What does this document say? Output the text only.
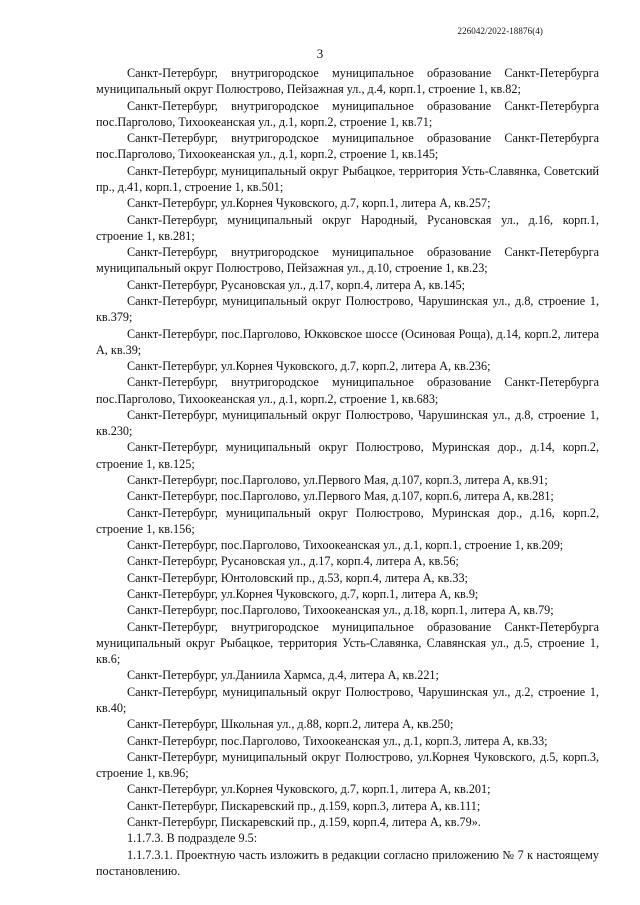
226042/2022-18876(4)
3

Санкт-Петербург, внутригородское муниципальное образование Санкт-Петербурга муниципальный округ Полюстрово, Пейзажная ул., д.4, корп.1, строение 1, кв.82;

Санкт-Петербург, внутригородское муниципальное образование Санкт-Петербурга пос.Парголово, Тихоокеанская ул., д.1, корп.2, строение 1, кв.71;

Санкт-Петербург, внутригородское муниципальное образование Санкт-Петербурга пос.Парголово, Тихоокеанская ул., д.1, корп.2, строение 1, кв.145;

Санкт-Петербург, муниципальный округ Рыбацкое, территория Усть-Славянка, Советский пр., д.41, корп.1, строение 1, кв.501;

Санкт-Петербург, ул.Корнея Чуковского, д.7, корп.1, литера А, кв.257;

Санкт-Петербург, муниципальный округ Народный, Русановская ул., д.16, корп.1, строение 1, кв.281;

Санкт-Петербург, внутригородское муниципальное образование Санкт-Петербурга муниципальный округ Полюстрово, Пейзажная ул., д.10, строение 1, кв.23;

Санкт-Петербург, Русановская ул., д.17, корп.4, литера А, кв.145;

Санкт-Петербург, муниципальный округ Полюстрово, Чарушинская ул., д.8, строение 1, кв.379;

Санкт-Петербург, пос.Парголово, Юкковское шоссе (Осиновая Роща), д.14, корп.2, литера А, кв.39;

Санкт-Петербург, ул.Корнея Чуковского, д.7, корп.2, литера А, кв.236;

Санкт-Петербург, внутригородское муниципальное образование Санкт-Петербурга пос.Парголово, Тихоокеанская ул., д.1, корп.2, строение 1, кв.683;

Санкт-Петербург, муниципальный округ Полюстрово, Чарушинская ул., д.8, строение 1, кв.230;

Санкт-Петербург, муниципальный округ Полюстрово, Муринская дор., д.14, корп.2, строение 1, кв.125;

Санкт-Петербург, пос.Парголово, ул.Первого Мая, д.107, корп.3, литера А, кв.91;

Санкт-Петербург, пос.Парголово, ул.Первого Мая, д.107, корп.6, литера А, кв.281;

Санкт-Петербург, муниципальный округ Полюстрово, Муринская дор., д.16, корп.2, строение 1, кв.156;

Санкт-Петербург, пос.Парголово, Тихоокеанская ул., д.1, корп.1, строение 1, кв.209;

Санкт-Петербург, Русановская ул., д.17, корп.4, литера А, кв.56;

Санкт-Петербург, Юнтоловский пр., д.53, корп.4, литера А, кв.33;

Санкт-Петербург, ул.Корнея Чуковского, д.7, корп.1, литера А, кв.9;

Санкт-Петербург, пос.Парголово, Тихоокеанская ул., д.18, корп.1, литера А, кв.79;

Санкт-Петербург, внутригородское муниципальное образование Санкт-Петербурга муниципальный округ Рыбацкое, территория Усть-Славянка, Славянская ул., д.5, строение 1, кв.6;

Санкт-Петербург, ул.Даниила Хармса, д.4, литера А, кв.221;

Санкт-Петербург, муниципальный округ Полюстрово, Чарушинская ул., д.2, строение 1, кв.40;

Санкт-Петербург, Школьная ул., д.88, корп.2, литера А, кв.250;

Санкт-Петербург, пос.Парголово, Тихоокеанская ул., д.1, корп.3, литера А, кв.33;

Санкт-Петербург, муниципальный округ Полюстрово, ул.Корнея Чуковского, д.5, корп.3, строение 1, кв.96;

Санкт-Петербург, ул.Корнея Чуковского, д.7, корп.1, литера А, кв.201;

Санкт-Петербург, Пискаревский пр., д.159, корп.3, литера А, кв.111;

Санкт-Петербург, Пискаревский пр., д.159, корп.4, литера А, кв.79».

1.1.7.3. В подразделе 9.5:

1.1.7.3.1. Проектную часть изложить в редакции согласно приложению № 7 к настоящему постановлению.
